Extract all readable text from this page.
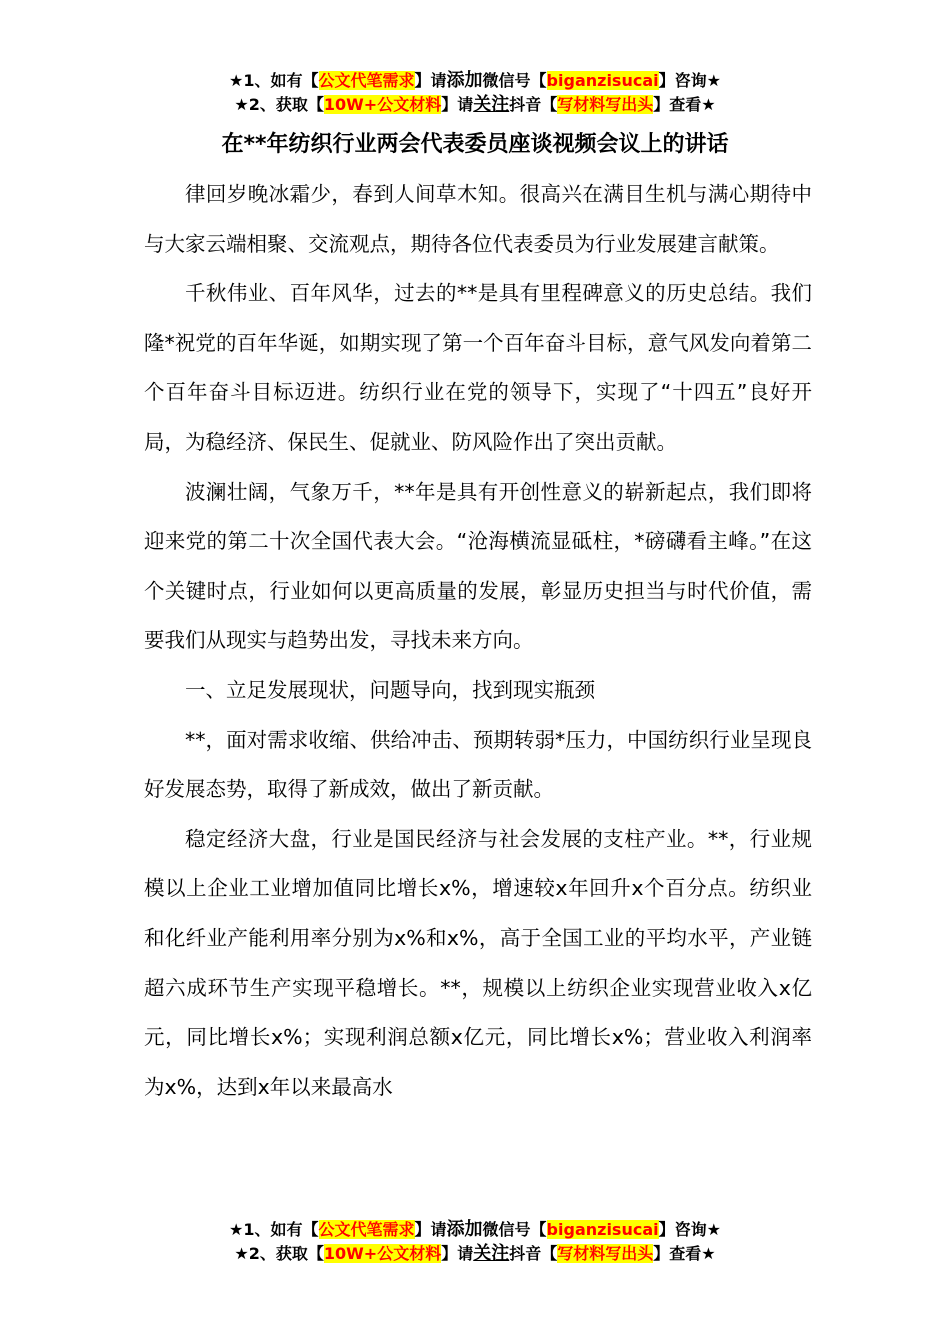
★1、如有【公文代笔需求】请添加微信号【biganzisucai】咨询★
★2、获取【10W+公文材料】请关注抖音【写材料写出头】查看★
在**年纺织行业两会代表委员座谈视频会议上的讲话

律回岁晚冰霜少，春到人间草木知。很高兴在满目生机与满心期待中与大家云端相聚、交流观点，期待各位代表委员为行业发展建言献策。

千秋伟业、百年风华，过去的**是具有里程碑意义的历史总结。我们隆*祝党的百年华诞，如期实现了第一个百年奋斗目标，意气风发向着第二个百年奋斗目标迈进。纺织行业在党的领导下，实现了“十四五”良好开局，为稳经济、保民生、促就业、防风险作出了突出贡献。

波澜壮阔，气象万千，**年是具有开创性意义的崭新起点，我们即将迎来党的第二十次全国代表大会。“沧海横流显砥柱，*磅礴看主峰。”在这个关键时点，行业如何以更高质量的发展，彰显历史担当与时代价值，需要我们从现实与趋势出发，寻找未来方向。

一、立足发展现状，问题导向，找到现实瓶颈

**，面对需求收缩、供给冲击、预期转弱*压力，中国纺织行业呈现良好发展态势，取得了新成效，做出了新贡献。

稳定经济大盘，行业是国民经济与社会发展的支柱产业。**，行业规模以上企业工业增加值同比增长x%，增速较x年回升x个百分点。纺织业和化纤业产能利用率分别为x%和x%，高于全国工业的平均水平，产业链超六成环节生产实现平稳增长。**，规模以上纺织企业实现营业收入x亿元，同比增长x%；实现利润总额x亿元，同比增长x%；营业收入利润率为x%，达到x年以来最高水

★1、如有【公文代笔需求】请添加微信号【biganzisucai】咨询★
★2、获取【10W+公文材料】请关注抖音【写材料写出头】查看★
